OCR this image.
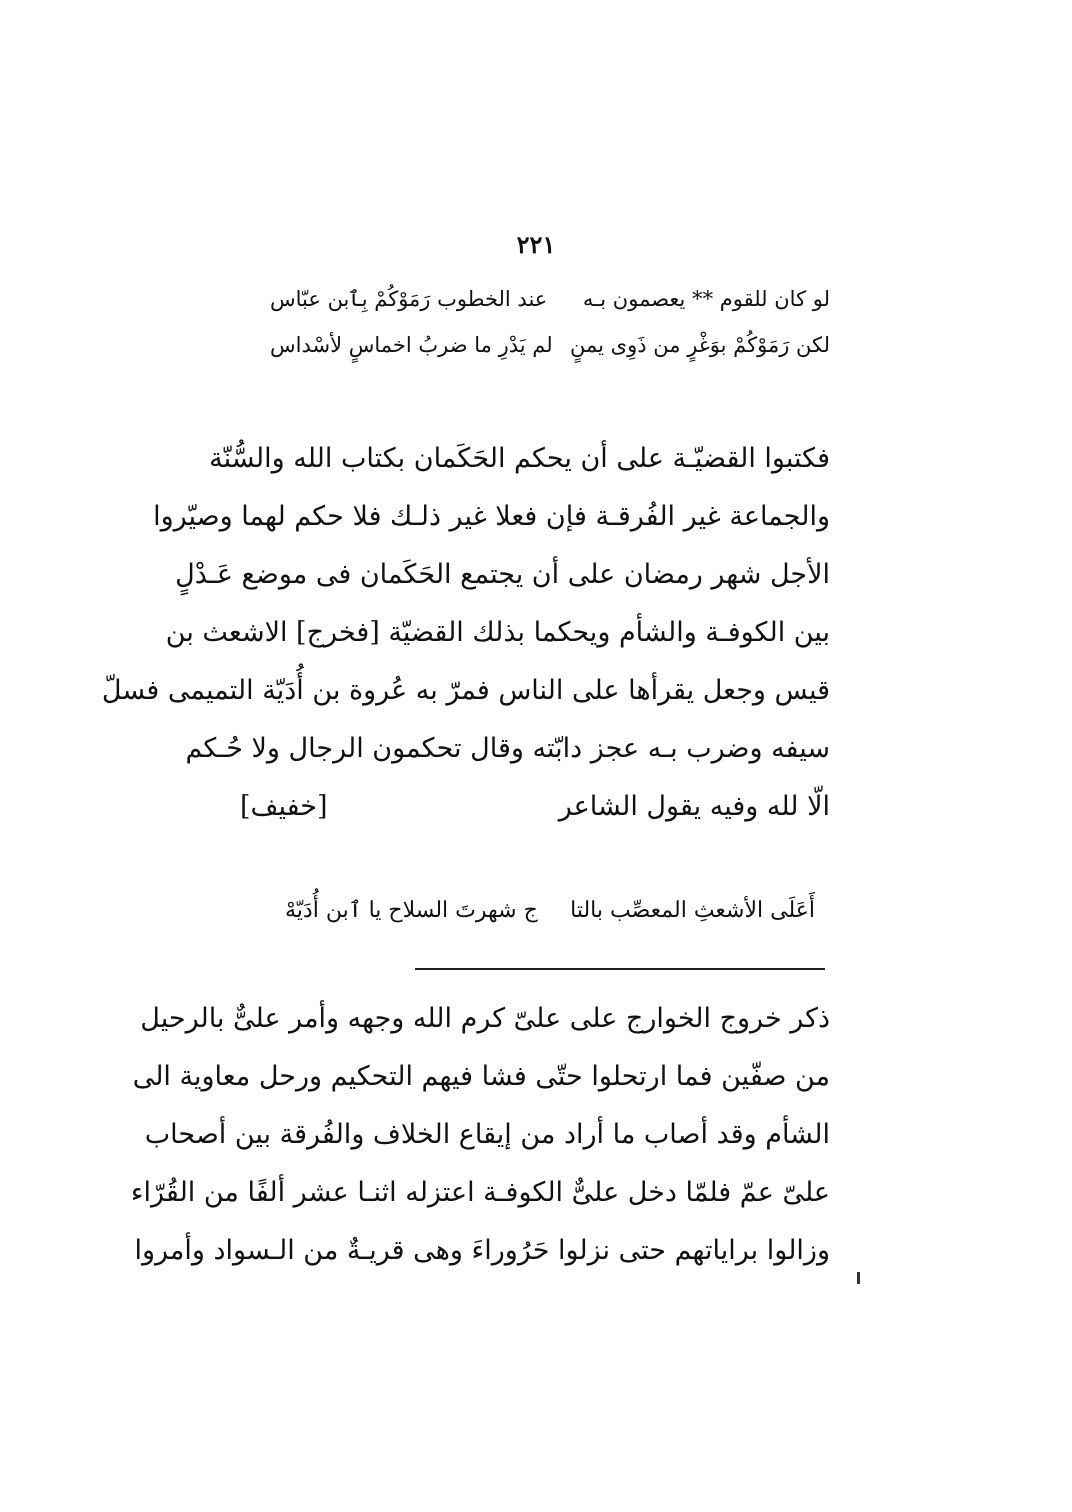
٢٢١
لو كان للقوم ** يعصمون بـه
عند الخطوب رَمَوْكُمْ بِٱبن عبّاس
لكن رَمَوْكُمْ بوَغْرٍ من ذَوِى يمنٍ
لم يَدْرِ ما ضربُ اخماسٍ لأسْداس
فكتبوا القضيّـة على أن يحكم الحَكَمان بكتاب الله والسُّنّة
والجماعة غير الفُرقـة فإن فعلا غير ذلـك فلا حكم لهما وصيّروا
الأجل شهر رمضان على أن يجتمع الحَكَمان فى موضع عَـدْلٍ
بين الكوفـة والشأم ويحكما بذلك القضيّة [فخرج] الاشعث بن
قيس وجعل يقرأها على الناس فمرّ به عُروة بن أُدَيّة التميمى فسلّ
سيفه وضرب بـه عجز دابّته وقال تحكمون الرجال ولا حُـكم
الّا لله وفيه يقول الشاعر
[خفيف]
أَعَلَى الأشعثِ المعصِّب بالتا
ج شهرتَ السلاح يا ٱبن أُدَيّهْ
ذكر خروج الخوارج على علىّ كرم الله وجهه وأمر علىٌّ بالرحيل
من صفّين فما ارتحلوا حتّى فشا فيهم التحكيم ورحل معاوية الى
الشأم وقد أصاب ما أراد من إيقاع الخلاف والفُرقة بين أصحاب
علىّ عمّ فلمّا دخل علىٌّ الكوفـة اعتزله اثنـا عشر ألفًا من القُرّاء
وزالوا براياتهم حتى نزلوا حَرُوراءَ وهى قريـةٌ من الـسواد وأمروا
